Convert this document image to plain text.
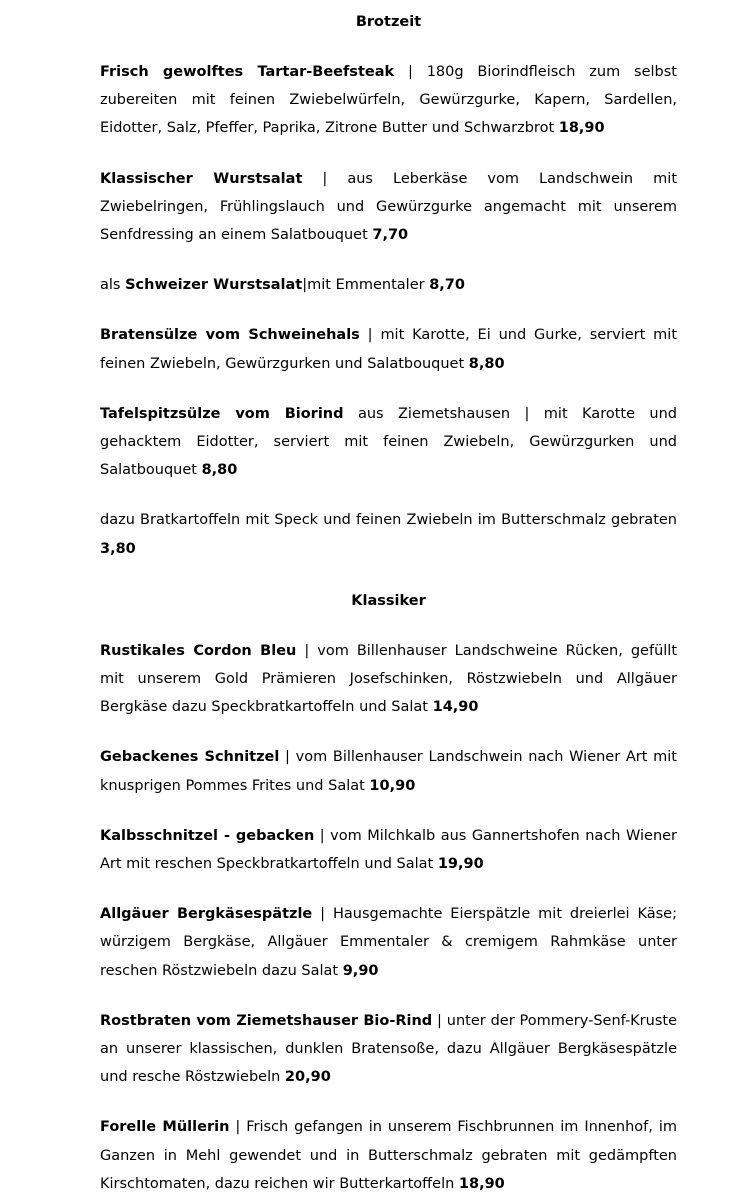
Brotzeit

Frisch gewolftes Tartar-Beefsteak | 180g Biorindfleisch zum selbst zubereiten mit feinen Zwiebelwürfeln, Gewürzgurke, Kapern, Sardellen, Eidotter, Salz, Pfeffer, Paprika, Zitrone Butter und Schwarzbrot 18,90

Klassischer Wurstsalat | aus Leberkäse vom Landschwein mit Zwiebelringen, Frühlingslauch und Gewürzgurke angemacht mit unserem Senfdressing an einem Salatbouquet 7,70

als Schweizer Wurstsalat|mit Emmentaler 8,70

Bratensülze vom Schweinehals | mit Karotte, Ei und Gurke, serviert mit feinen Zwiebeln, Gewürzgurken und Salatbouquet 8,80

Tafelspitzsülze vom Biorind aus Ziemetshausen | mit Karotte und gehacktem Eidotter, serviert mit feinen Zwiebeln, Gewürzgurken und Salatbouquet 8,80

dazu Bratkartoffeln mit Speck und feinen Zwiebeln im Butterschmalz gebraten 3,80

Klassiker

Rustikales Cordon Bleu | vom Billenhauser Landschweine Rücken, gefüllt mit unserem Gold Prämieren Josefschinken, Röstzwiebeln und Allgäuer Bergkäse dazu Speckbratkartoffeln und Salat 14,90

Gebackenes Schnitzel | vom Billenhauser Landschwein nach Wiener Art mit knusprigen Pommes Frites und Salat 10,90

Kalbsschnitzel - gebacken | vom Milchkalb aus Gannertshofen nach Wiener Art mit reschen Speckbratkartoffeln und Salat 19,90

Allgäuer Bergkäsespätzle | Hausgemachte Eierspätzle mit dreierlei Käse; würzigem Bergkäse, Allgäuer Emmentaler & cremigem Rahmkäse unter reschen Röstzwiebeln dazu Salat 9,90

Rostbraten vom Ziemetshauser Bio-Rind | unter der Pommery-Senf-Kruste an unserer klassischen, dunklen Bratensoße, dazu Allgäuer Bergkäsespätzle und resche Röstzwiebeln 20,90

Forelle Müllerin | Frisch gefangen in unserem Fischbrunnen im Innenhof, im Ganzen in Mehl gewendet und in Butterschmalz gebraten mit gedämpften Kirschtomaten, dazu reichen wir Butterkartoffeln 18,90
